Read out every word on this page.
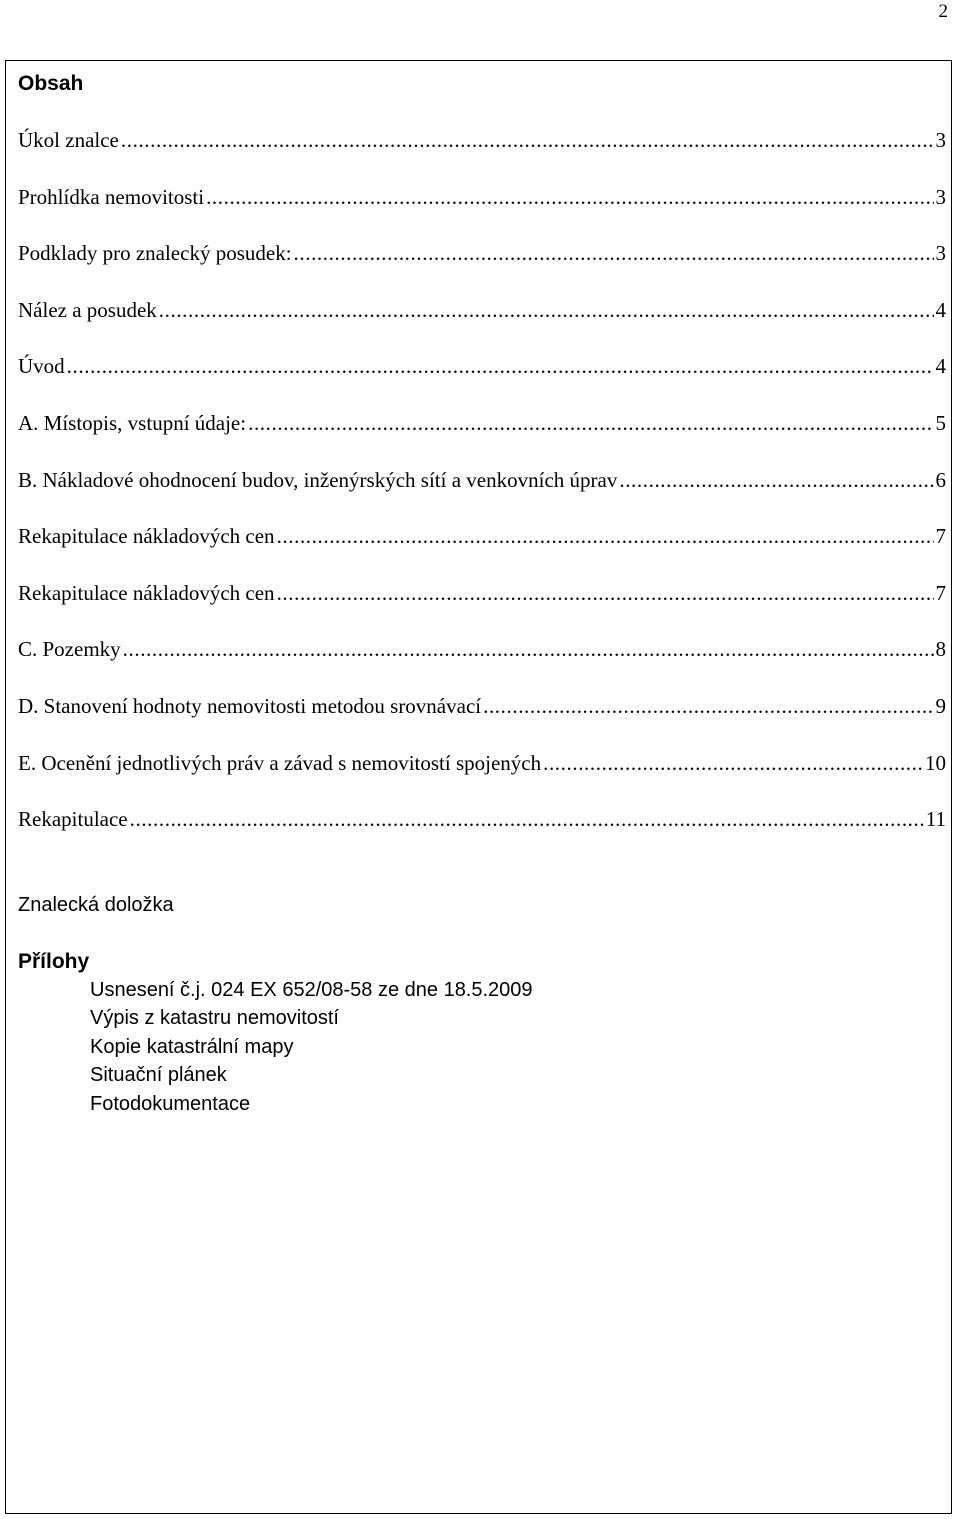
2
Obsah
Úkol znalce .....	3
Prohlídka nemovitosti .....	3
Podklady pro znalecký posudek: .....	3
Nález a posudek .....	4
Úvod .....	4
A. Místopis, vstupní údaje: .....	5
B. Nákladové ohodnocení budov, inženýrských sítí a venkovních úprav .....	6
Rekapitulace nákladových cen .....	7
Rekapitulace nákladových cen .....	7
C. Pozemky .....	8
D. Stanovení hodnoty nemovitosti metodou srovnávací .....	9
E. Ocenění jednotlivých práv a závad s nemovitostí spojených .....	10
Rekapitulace .....	11
Znalecká doložka
Přílohy
Usnesení č.j. 024 EX 652/08-58 ze dne 18.5.2009
Výpis z katastru nemovitostí
Kopie katastrální mapy
Situační plánek
Fotodokumentace
